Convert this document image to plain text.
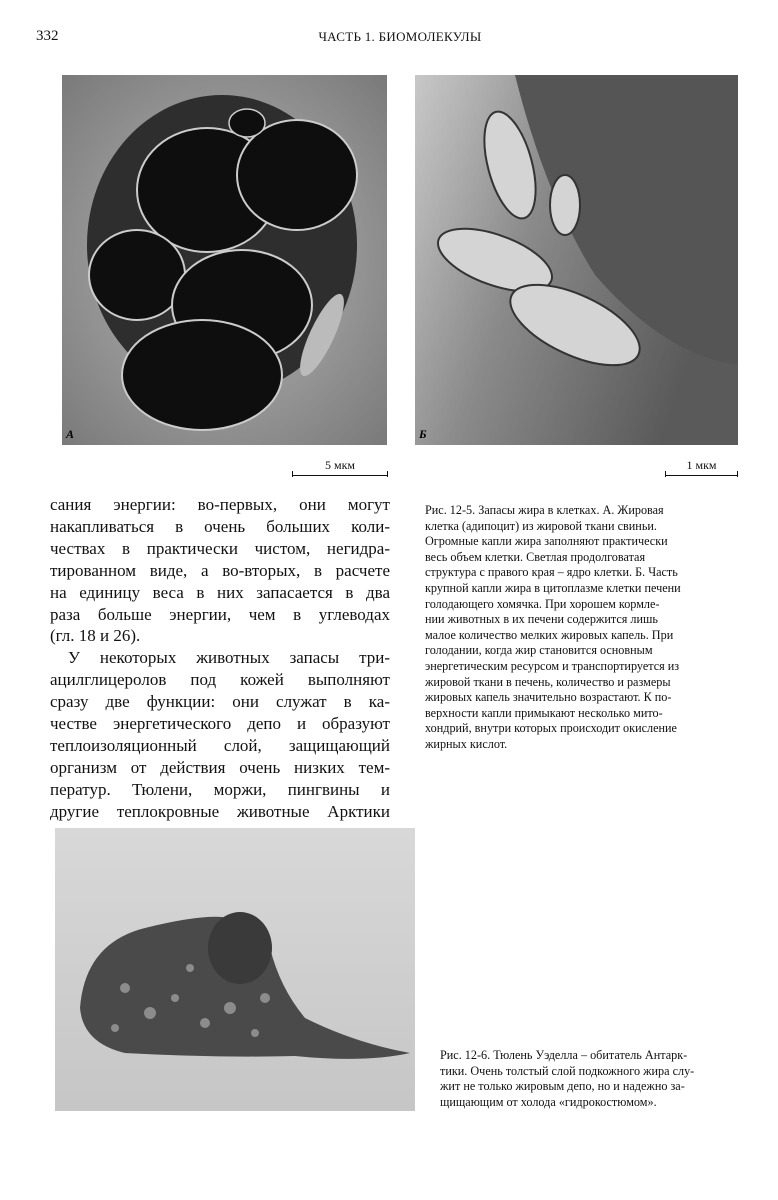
332	ЧАСТЬ 1. БИОМОЛЕКУЛЫ
А	Б
5 мкм	1 мкм
сания энергии: во-первых, они могут
накапливаться в очень больших коли-
чествах в практически чистом, негидра-
тированном виде, а во-вторых, в расчете
на единицу веса в них запасается в два
раза больше энергии, чем в углеводах
(гл. 18 и 26).
У некоторых животных запасы три-
ацилглицеролов под кожей выполняют
сразу две функции: они служат в ка-
честве энергетического депо и образуют
теплоизоляционный слой, защищающий
организм от действия очень низких тем-
ператур. Тюлени, моржи, пингвины и
другие теплокровные животные Арктики
Рис. 12-5. Запасы жира в клетках. А. Жировая
клетка (адипоцит) из жировой ткани свиньи.
Огромные капли жира заполняют практически
весь объем клетки. Светлая продолговатая
структура с правого края – ядро клетки. Б. Часть
крупной капли жира в цитоплазме клетки печени
голодающего хомячка. При хорошем кормле-
нии животных в их печени содержится лишь
малое количество мелких жировых капель. При
голодании, когда жир становится основным
энергетическим ресурсом и транспортируется из
жировой ткани в печень, количество и размеры
жировых капель значительно возрастают. К по-
верхности капли примыкают несколько мито-
хондрий, внутри которых происходит окисление
жирных кислот.
Рис. 12-6. Тюлень Уэделла – обитатель Антарк-
тики. Очень толстый слой подкожного жира слу-
жит не только жировым депо, но и надежно за-
щищающим от холода «гидрокостюмом».
